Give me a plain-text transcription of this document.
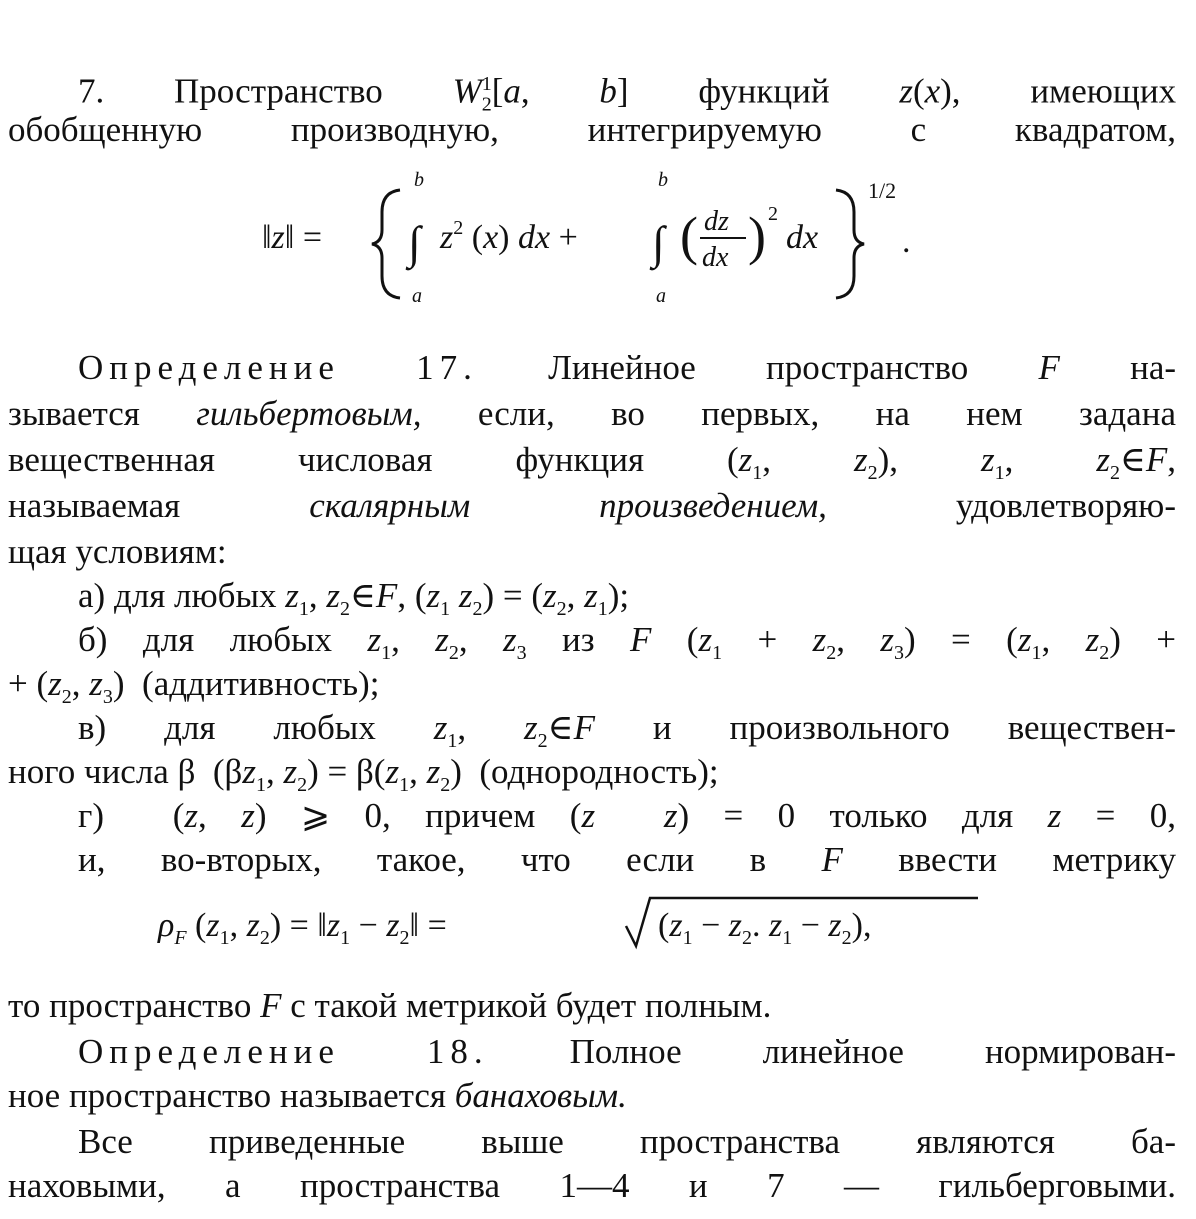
7. Пространство $W_2^1[a$, b] функций z(x), имеющих
обобщенную производную, интегрируемую с квадратом,
‖z‖ = ∫
b
a
$z^2$ (x) dx + ∫
b
a
( dz
dx ) 2
dx
1/2
.
Определение 17. Линейное пространство F на-
зывается гильбертовым, если, во первых, на нем задана
вещественная числовая функция ($z_1$, $z_2$), $z_1$, $z_2\in F$,
называемая скалярным произведением, удовлетворяю-
щая условиям:
а) для любых $z_1$, $z_2\in F$, ($z_1$ $z_2) = (z_2$, $z_1$);
б) для любых $z_1$, $z_2$, $z_3$ из F ($z_1 + z_2$, $z_3) = (z_1$, $z_2$) +
+ ($z_2$, $z_3$)  (аддитивность);
в) для любых $z_1$, $z_2\in F$ и произвольного веществен-
ного числа β  ($\beta z_1$, $z_2) = \beta(z_1$, $z_2$)  (однородность);
г)  (z, z) ⩾ 0, причем (z z) = 0 только для z = 0,
и, во-вторых, такое, что если в F ввести метрику
$\rho_F$ ($z_1$, $z_2$) = $‖z_1$ − $z_2‖$ =	($z_1 - z_2$. $z_1 - z_2$),
то пространство F с такой метрикой будет полным.
Определение 18. Полное линейное нормирован-
ное пространство называется банаховым.
Все приведенные выше пространства являются ба-
наховыми, а пространства 1—4 и 7 — гильберговыми.
